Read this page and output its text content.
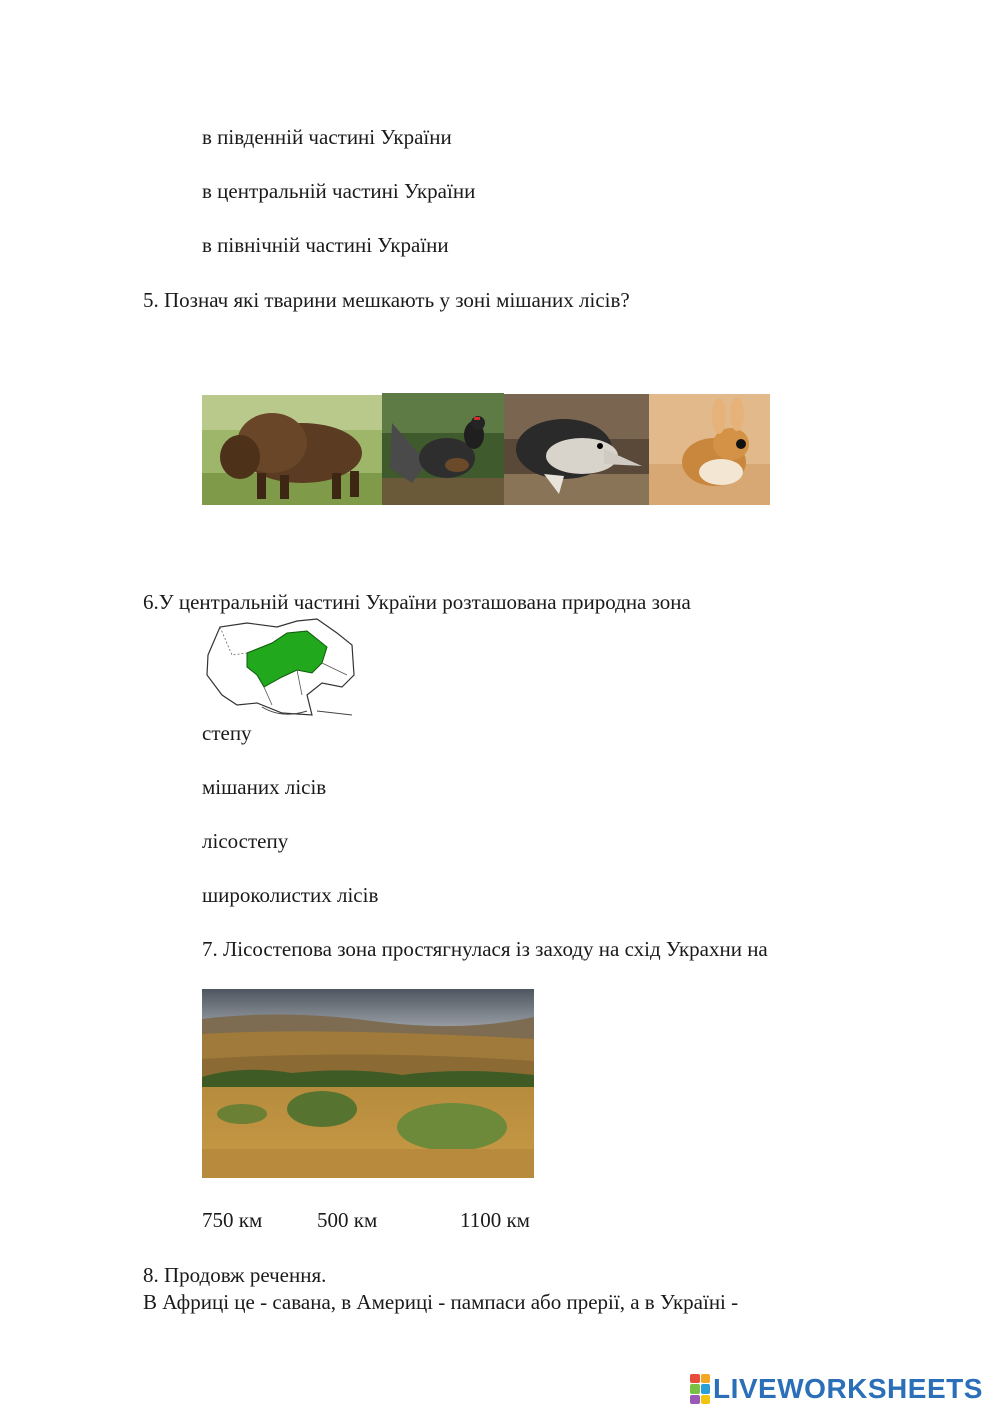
в південній частині України
в центральній частині України
в північній частині України
5. Познач які тварини мешкають у зоні мішаних лісів?
6.У центральній частині України розташована природна зона
степу
мішаних лісів
лісостепу
широколистих лісів
7. Лісостепова зона простягнулася із заходу на схід Украхни на
750 км	500 км	1100 км
8. Продовж речення.
В Африці це - савана, в Америці - пампаси або прерії, а в Україні -
LIVEWORKSHEETS
